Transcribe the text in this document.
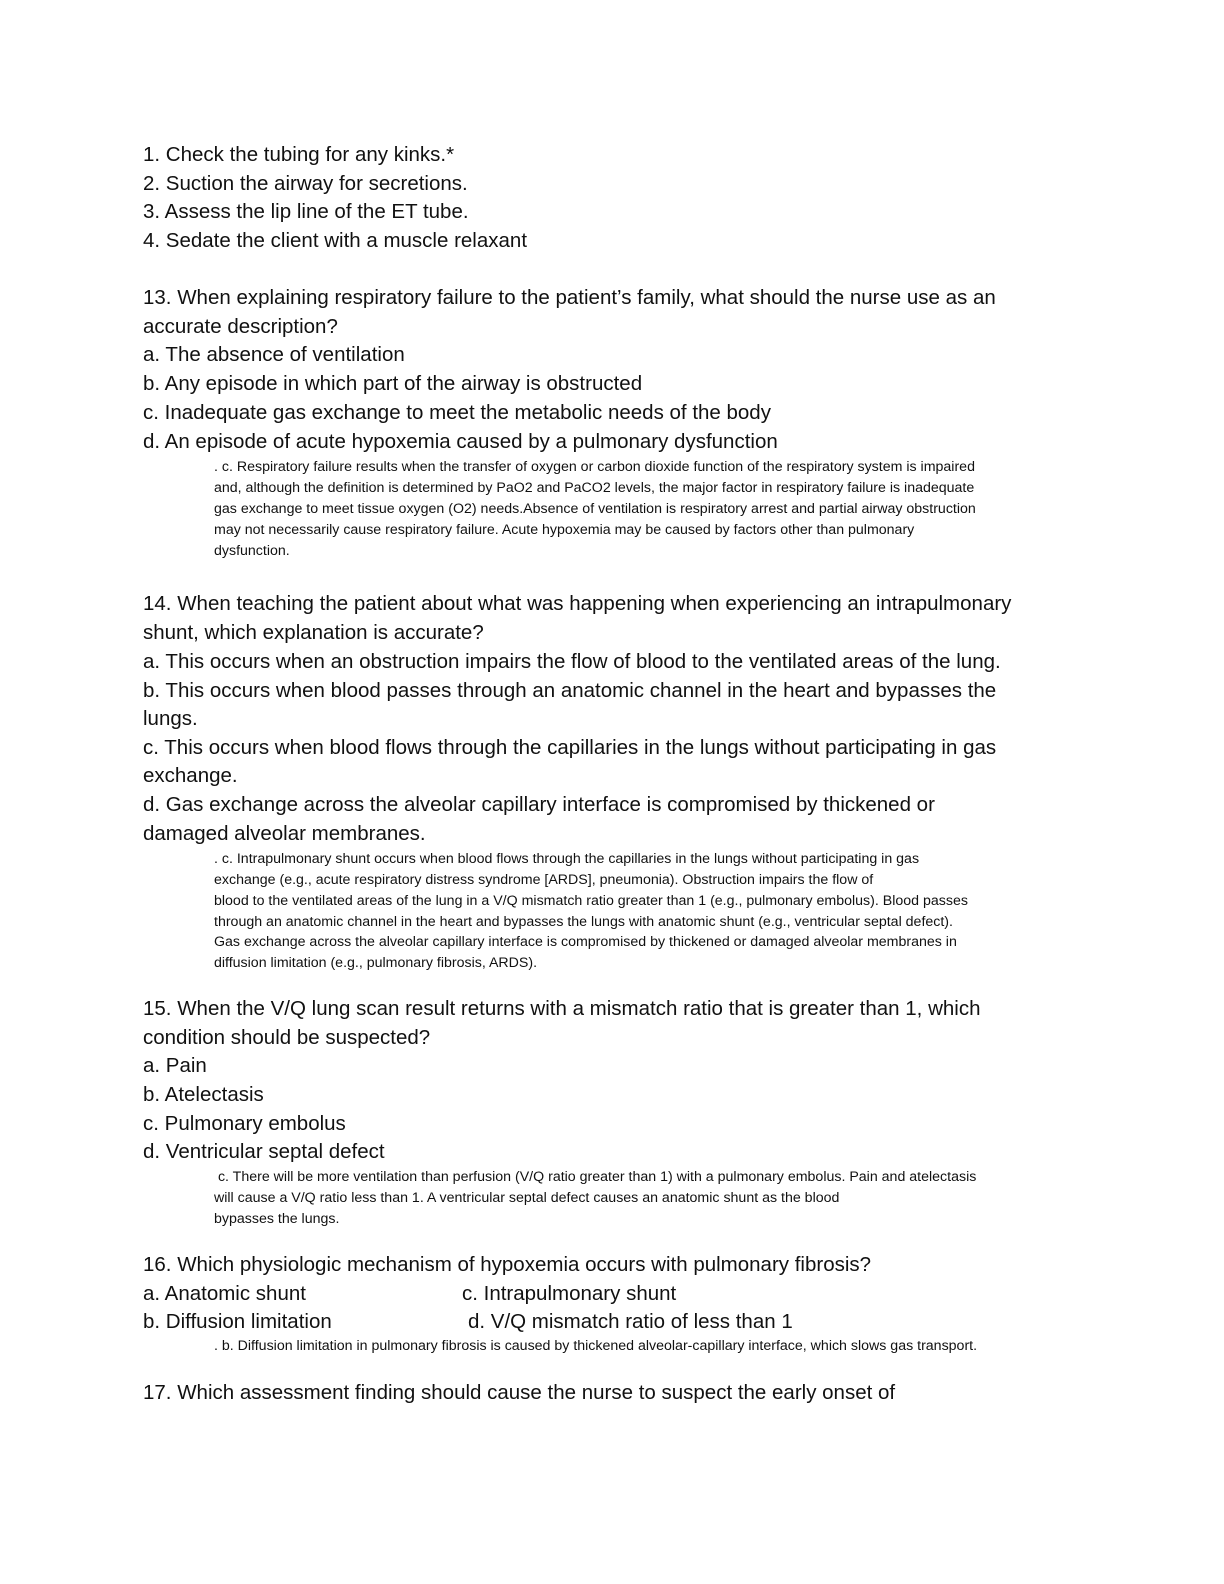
1. Check the tubing for any kinks.*
2. Suction the airway for secretions.
3. Assess the lip line of the ET tube.
4. Sedate the client with a muscle relaxant
13. When explaining respiratory failure to the patient’s family, what should the nurse use as an
accurate description?
a. The absence of ventilation
b. Any episode in which part of the airway is obstructed
c. Inadequate gas exchange to meet the metabolic needs of the body
d. An episode of acute hypoxemia caused by a pulmonary dysfunction
. c. Respiratory failure results when the transfer of oxygen or carbon dioxide function of the respiratory system is impaired
and, although the definition is determined by PaO2 and PaCO2 levels, the major factor in respiratory failure is inadequate
gas exchange to meet tissue oxygen (O2) needs.Absence of ventilation is respiratory arrest and partial airway obstruction
may not necessarily cause respiratory failure. Acute hypoxemia may be caused by factors other than pulmonary
dysfunction.
14. When teaching the patient about what was happening when experiencing an intrapulmonary
shunt, which explanation is accurate?
a. This occurs when an obstruction impairs the flow of blood to the ventilated areas of the lung.
b. This occurs when blood passes through an anatomic channel in the heart and bypasses the
lungs.
c. This occurs when blood flows through the capillaries in the lungs without participating in gas
exchange.
d. Gas exchange across the alveolar capillary interface is compromised by thickened or
damaged alveolar membranes.
. c. Intrapulmonary shunt occurs when blood flows through the capillaries in the lungs without participating in gas
exchange (e.g., acute respiratory distress syndrome [ARDS], pneumonia). Obstruction impairs the flow of
blood to the ventilated areas of the lung in a V/Q mismatch ratio greater than 1 (e.g., pulmonary embolus). Blood passes
through an anatomic channel in the heart and bypasses the lungs with anatomic shunt (e.g., ventricular septal defect).
Gas exchange across the alveolar capillary interface is compromised by thickened or damaged alveolar membranes in
diffusion limitation (e.g., pulmonary fibrosis, ARDS).
15. When the V/Q lung scan result returns with a mismatch ratio that is greater than 1, which
condition should be suspected?
a. Pain
b. Atelectasis
c. Pulmonary embolus
d. Ventricular septal defect
c. There will be more ventilation than perfusion (V/Q ratio greater than 1) with a pulmonary embolus. Pain and atelectasis
will cause a V/Q ratio less than 1. A ventricular septal defect causes an anatomic shunt as the blood
bypasses the lungs.
16. Which physiologic mechanism of hypoxemia occurs with pulmonary fibrosis?
a. Anatomic shunt	c. Intrapulmonary shunt
b. Diffusion limitation	d. V/Q mismatch ratio of less than 1
. b. Diffusion limitation in pulmonary fibrosis is caused by thickened alveolar-capillary interface, which slows gas transport.
17. Which assessment finding should cause the nurse to suspect the early onset of
